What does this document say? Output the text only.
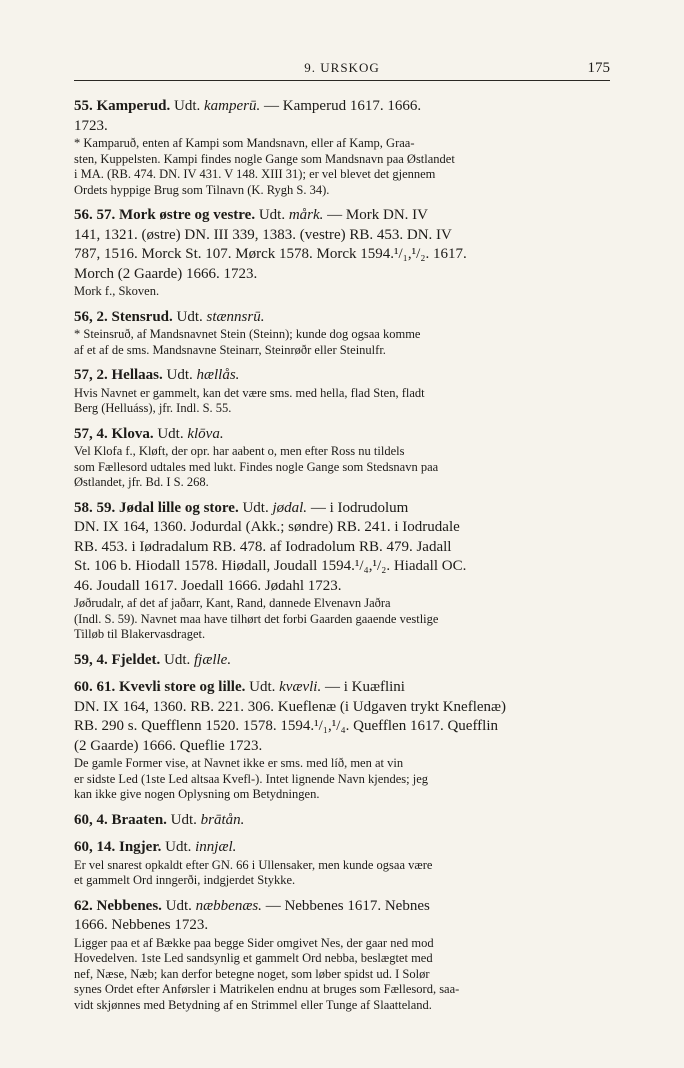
9. URSKOG	175

55. Kamperud. Udt. kamperū. — Kamperud 1617. 1666.
1723.

* Kamparuð, enten af Kampi som Mandsnavn, eller af Kamp, Graa-
sten, Kuppelsten. Kampi findes nogle Gange som Mandsnavn paa Østlandet
i MA. (RB. 474. DN. IV 431. V 148. XIII 31); er vel blevet det gjennem
Ordets hyppige Brug som Tilnavn (K. Rygh S. 34).

56. 57. Mork østre og vestre. Udt. mårk. — Mork DN. IV
141, 1321. (østre) DN. III 339, 1383. (vestre) RB. 453. DN. IV
787, 1516. Morck St. 107. Mørck 1578. Morck 1594.¹/₁,¹/₂. 1617.
Morch (2 Gaarde) 1666. 1723.

Mork f., Skoven.

56, 2. Stensrud. Udt. stænnsrū.

* Steinsruð, af Mandsnavnet Stein (Steinn); kunde dog ogsaa komme
af et af de sms. Mandsnavne Steinarr, Steinrøðr eller Steinulfr.

57, 2. Hellaas. Udt. hællås.

Hvis Navnet er gammelt, kan det være sms. med hella, flad Sten, fladt
Berg (Helluáss), jfr. Indl. S. 55.

57, 4. Klova. Udt. klōva.

Vel Klofa f., Kløft, der opr. har aabent o, men efter Ross nu tildels
som Fællesord udtales med lukt. Findes nogle Gange som Stedsnavn paa
Østlandet, jfr. Bd. I S. 268.

58. 59. Jødal lille og store. Udt. jødal. — i Iodrudolum
DN. IX 164, 1360. Jodurdal (Akk.; søndre) RB. 241. i Iodrudale
RB. 453. i Iødradalum RB. 478. af Iodradolum RB. 479. Jadall
St. 106 b. Hiodall 1578. Hiødall, Joudall 1594.¹/₄,¹/₂. Hiadall OC.
46. Joudall 1617. Joedall 1666. Jødahl 1723.

Jøðrudalr, af det af jaðarr, Kant, Rand, dannede Elvenavn Jaðra
(Indl. S. 59). Navnet maa have tilhørt det forbi Gaarden gaaende vestlige
Tilløb til Blakervasdraget.

59, 4. Fjeldet. Udt. fjælle.

60. 61. Kvevli store og lille. Udt. kvævli. — i Kuæflini
DN. IX 164, 1360. RB. 221. 306. Kueflenæ (i Udgaven trykt Kneflenæ)
RB. 290 s. Quefflenn 1520. 1578. 1594.¹/₁,¹/₄. Quefflen 1617. Quefflin
(2 Gaarde) 1666. Queflie 1723.

De gamle Former vise, at Navnet ikke er sms. med líð, men at vin
er sidste Led (1ste Led altsaa Kvefl-). Intet lignende Navn kjendes; jeg
kan ikke give nogen Oplysning om Betydningen.

60, 4. Braaten. Udt. brātån.

60, 14. Ingjer. Udt. innjæl.

Er vel snarest opkaldt efter GN. 66 i Ullensaker, men kunde ogsaa være
et gammelt Ord inngerði, indgjerdet Stykke.

62. Nebbenes. Udt. næbbenæs. — Nebbenes 1617. Nebnes
1666. Nebbenes 1723.

Ligger paa et af Bække paa begge Sider omgivet Nes, der gaar ned mod
Hovedelven. 1ste Led sandsynlig et gammelt Ord nebba, beslægtet med
nef, Næse, Næb; kan derfor betegne noget, som løber spidst ud. I Solør
synes Ordet efter Anførsler i Matrikelen endnu at bruges som Fællesord, saa-
vidt skjønnes med Betydning af en Strimmel eller Tunge af Slaatteland.
